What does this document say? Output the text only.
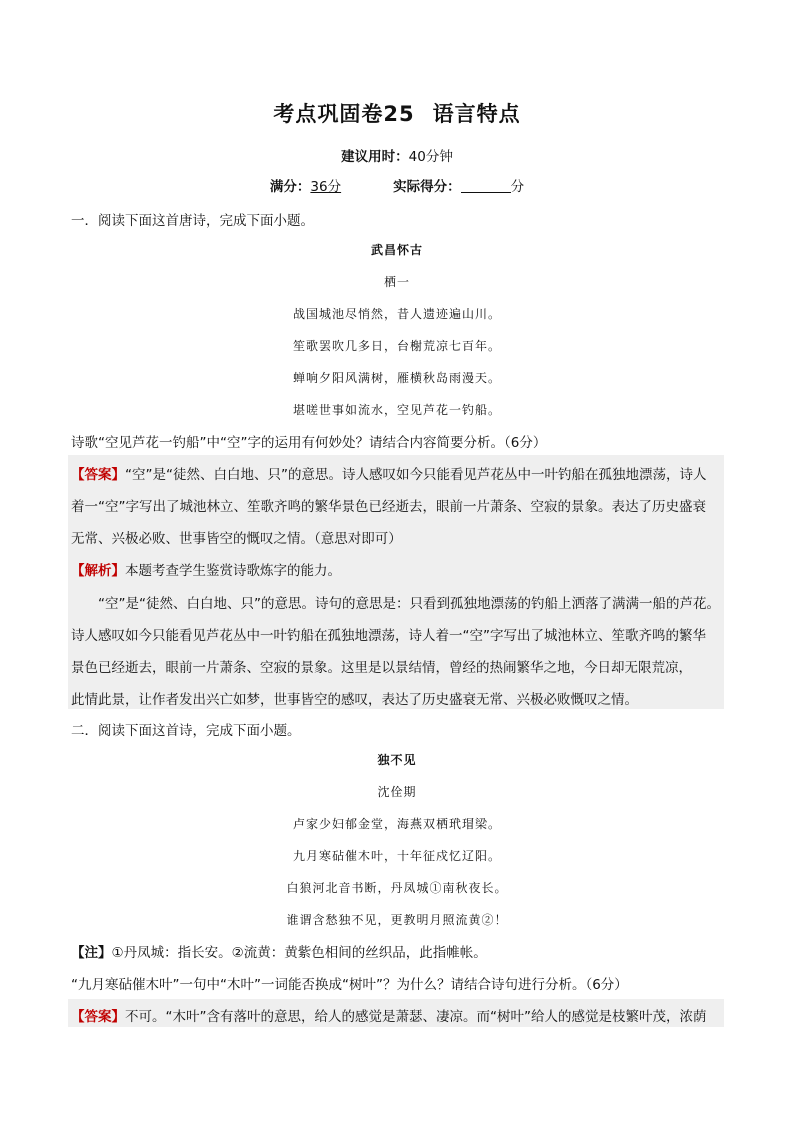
考点巩固卷25 语言特点
建议用时：40分钟
满分：36分	实际得分：	分
一．阅读下面这首唐诗，完成下面小题。
武昌怀古
栖一
战国城池尽悄然，昔人遗迹遍山川。
笙歌罢吹几多日，台榭荒凉七百年。
蝉响夕阳风满树，雁横秋岛雨漫天。
堪嗟世事如流水，空见芦花一钓船。
诗歌“空见芦花一钓船”中“空”字的运用有何妙处？请结合内容简要分析。（6分）
【答案】“空”是“徒然、白白地、只”的意思。诗人感叹如今只能看见芦花丛中一叶钓船在孤独地漂荡，诗人
着一“空”字写出了城池林立、笙歌齐鸣的繁华景色已经逝去，眼前一片萧条、空寂的景象。表达了历史盛衰
无常、兴极必败、世事皆空的慨叹之情。（意思对即可）
【解析】本题考查学生鉴赏诗歌炼字的能力。
“空”是“徒然、白白地、只”的意思。诗句的意思是：只看到孤独地漂荡的钓船上洒落了满满一船的芦花。
诗人感叹如今只能看见芦花丛中一叶钓船在孤独地漂荡，诗人着一“空”字写出了城池林立、笙歌齐鸣的繁华
景色已经逝去，眼前一片萧条、空寂的景象。这里是以景结情，曾经的热闹繁华之地，今日却无限荒凉，
此情此景，让作者发出兴亡如梦，世事皆空的感叹，表达了历史盛衰无常、兴极必败慨叹之情。
二．阅读下面这首诗，完成下面小题。
独不见
沈佺期
卢家少妇郁金堂，海燕双栖玳瑁梁。
九月寒砧催木叶，十年征戍忆辽阳。
白狼河北音书断，丹凤城①南秋夜长。
谁谓含愁独不见，更教明月照流黄②！
【注】①丹凤城：指长安。②流黄：黄紫色相间的丝织品，此指帷帐。
“九月寒砧催木叶”一句中“木叶”一词能否换成“树叶”？为什么？请结合诗句进行分析。（6分）
【答案】不可。“木叶”含有落叶的意思，给人的感觉是萧瑟、凄凉。而“树叶”给人的感觉是枝繁叶茂，浓荫
